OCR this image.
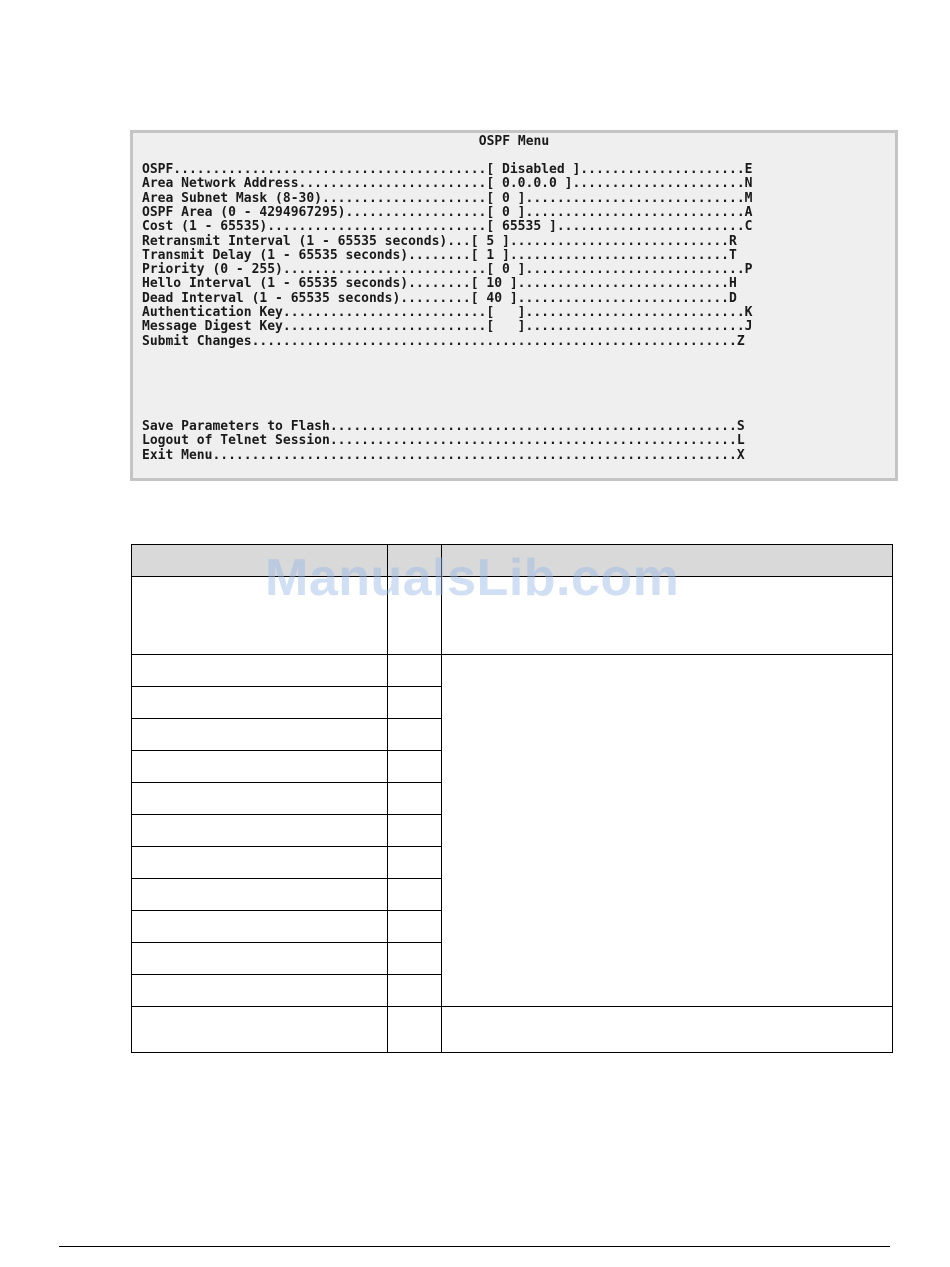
OSPF Menu
OSPF........................................[ Disabled ].....................E
Area Network Address........................[ 0.0.0.0 ]......................N
Area Subnet Mask (8-30).....................[ 0 ]............................M
OSPF Area (0 - 4294967295)..................[ 0 ]............................A
Cost (1 - 65535)............................[ 65535 ]........................C
Retransmit Interval (1 - 65535 seconds)...[ 5 ]............................R
Transmit Delay (1 - 65535 seconds)........[ 1 ]............................T
Priority (0 - 255)..........................[ 0 ]............................P
Hello Interval (1 - 65535 seconds)........[ 10 ]...........................H
Dead Interval (1 - 65535 seconds).........[ 40 ]...........................D
Authentication Key..........................[   ]............................K
Message Digest Key..........................[   ]............................J
Submit Changes..............................................................Z
Save Parameters to Flash....................................................S
Logout of Telnet Session....................................................L
Exit Menu...................................................................X

ManualsLib.com
